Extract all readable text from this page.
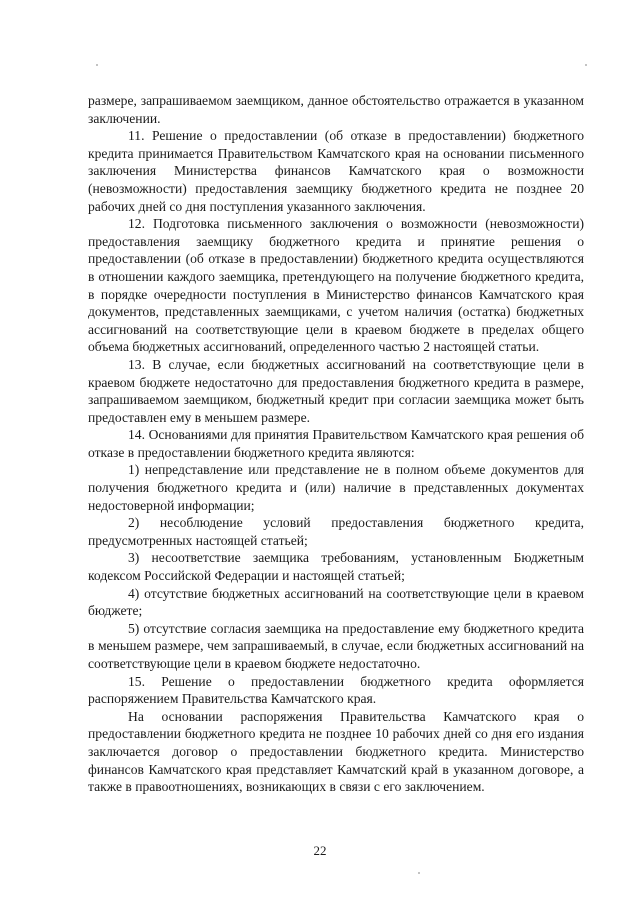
размере, запрашиваемом заемщиком, данное обстоятельство отражается в указанном заключении.

11. Решение о предоставлении (об отказе в предоставлении) бюджетного кредита принимается Правительством Камчатского края на основании письменного заключения Министерства финансов Камчатского края о возможности (невозможности) предоставления заемщику бюджетного кредита не позднее 20 рабочих дней со дня поступления указанного заключения.

12. Подготовка письменного заключения о возможности (невозможности) предоставления заемщику бюджетного кредита и принятие решения о предоставлении (об отказе в предоставлении) бюджетного кредита осуществляются в отношении каждого заемщика, претендующего на получение бюджетного кредита, в порядке очередности поступления в Министерство финансов Камчатского края документов, представленных заемщиками, с учетом наличия (остатка) бюджетных ассигнований на соответствующие цели в краевом бюджете в пределах общего объема бюджетных ассигнований, определенного частью 2 настоящей статьи.

13. В случае, если бюджетных ассигнований на соответствующие цели в краевом бюджете недостаточно для предоставления бюджетного кредита в размере, запрашиваемом заемщиком, бюджетный кредит при согласии заемщика может быть предоставлен ему в меньшем размере.

14. Основаниями для принятия Правительством Камчатского края решения об отказе в предоставлении бюджетного кредита являются:

1) непредставление или представление не в полном объеме документов для получения бюджетного кредита и (или) наличие в представленных документах недостоверной информации;

2) несоблюдение условий предоставления бюджетного кредита, предусмотренных настоящей статьей;

3) несоответствие заемщика требованиям, установленным Бюджетным кодексом Российской Федерации и настоящей статьей;

4) отсутствие бюджетных ассигнований на соответствующие цели в краевом бюджете;

5) отсутствие согласия заемщика на предоставление ему бюджетного кредита в меньшем размере, чем запрашиваемый, в случае, если бюджетных ассигнований на соответствующие цели в краевом бюджете недостаточно.

15. Решение о предоставлении бюджетного кредита оформляется распоряжением Правительства Камчатского края.

На основании распоряжения Правительства Камчатского края о предоставлении бюджетного кредита не позднее 10 рабочих дней со дня его издания заключается договор о предоставлении бюджетного кредита. Министерство финансов Камчатского края представляет Камчатский край в указанном договоре, а также в правоотношениях, возникающих в связи с его заключением.

22
